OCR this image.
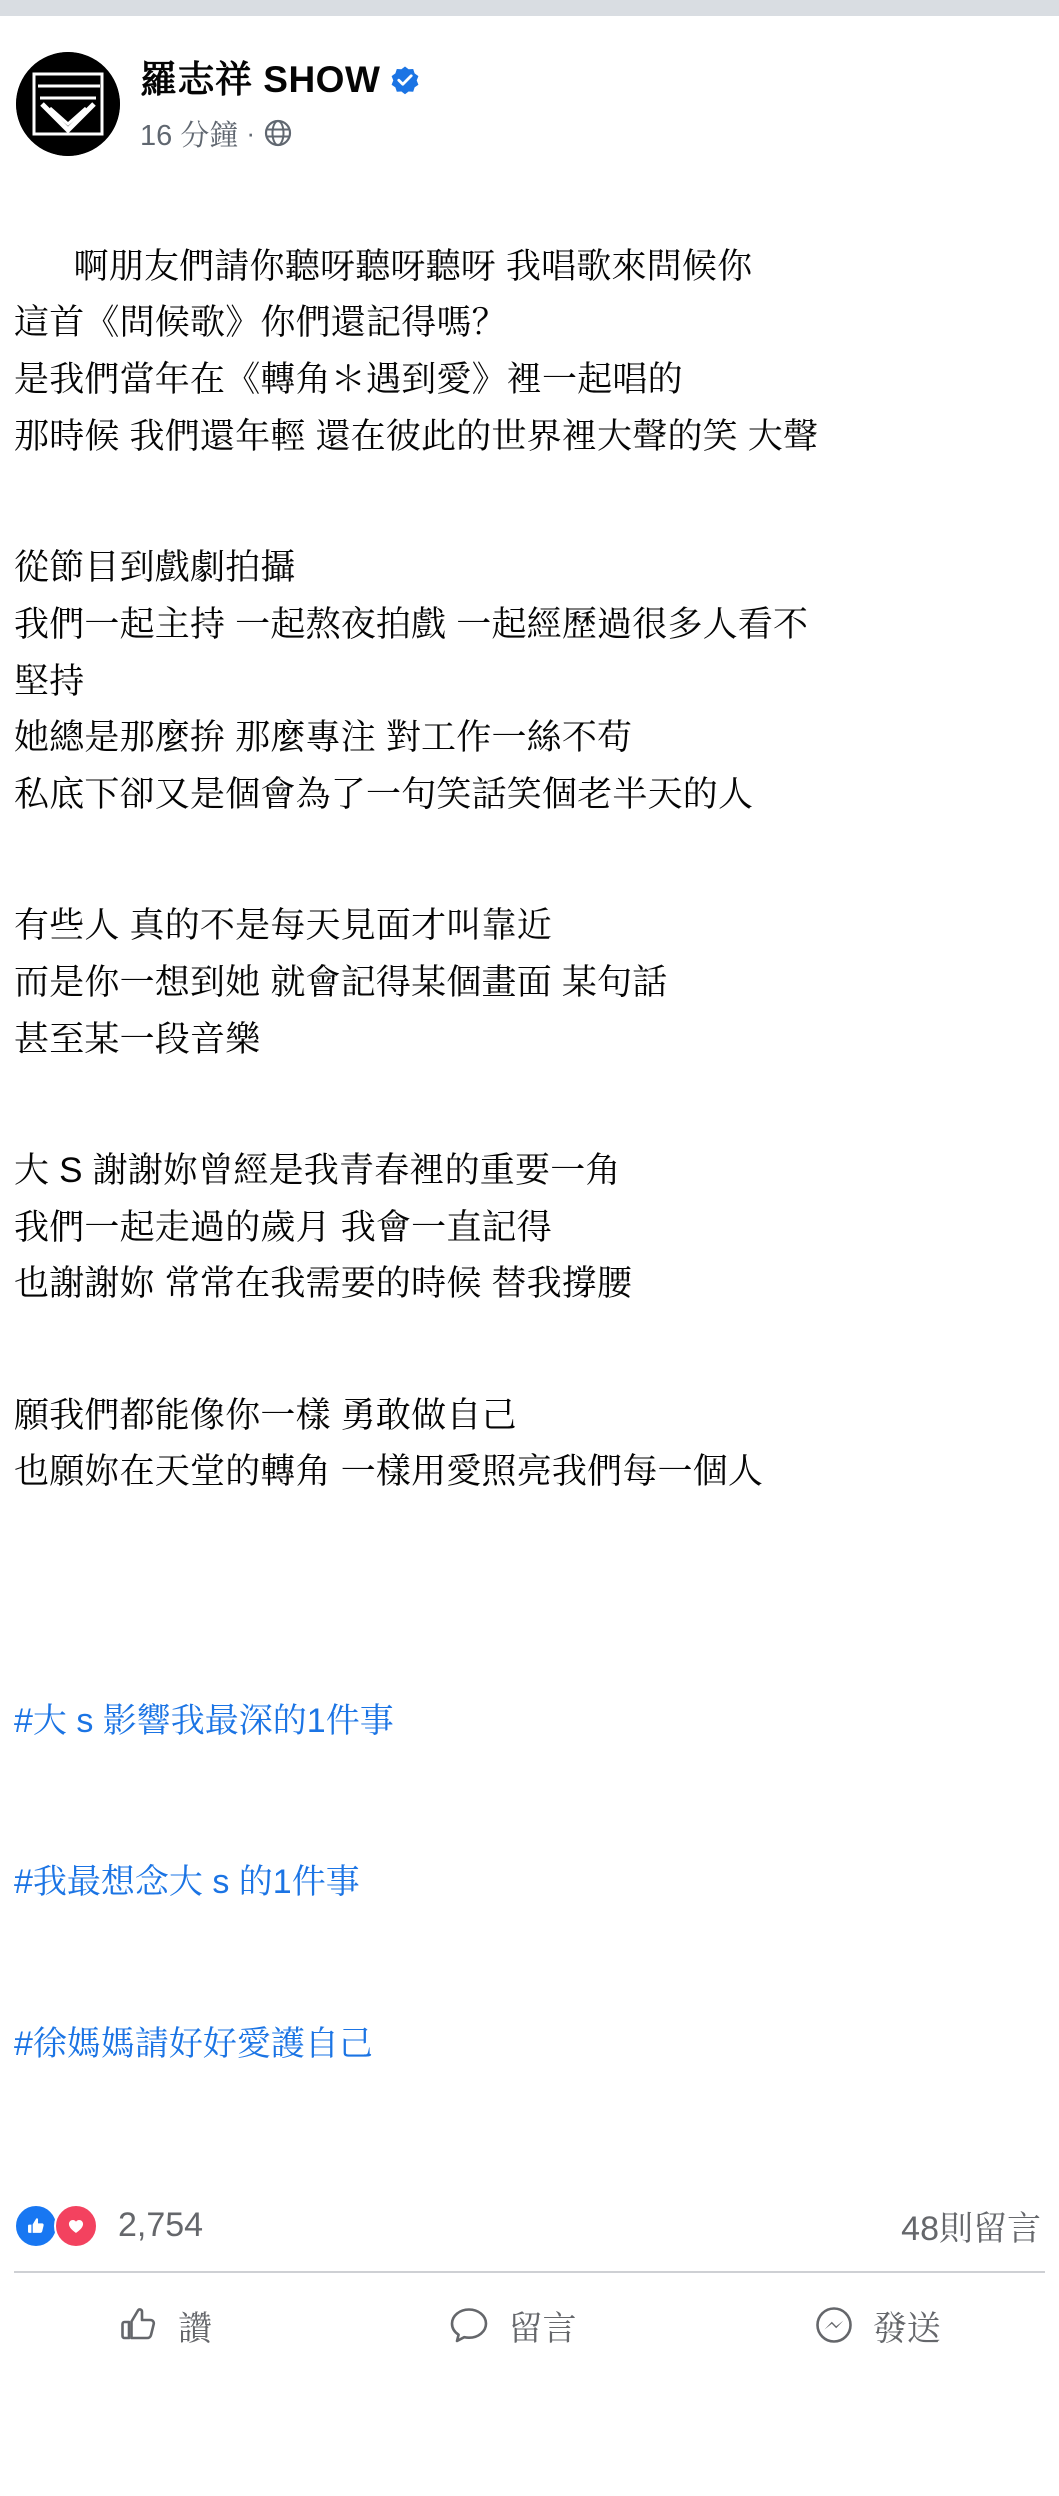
羅志祥 SHOW
16 分鐘 ·

啊朋友們請你聽呀聽呀聽呀 我唱歌來問候你
這首《問候歌》你們還記得嗎？
是我們當年在《轉角＊遇到愛》裡一起唱的
那時候 我們還年輕 還在彼此的世界裡大聲的笑 大聲

從節目到戲劇拍攝
我們一起主持 一起熬夜拍戲 一起經歷過很多人看不
堅持
她總是那麼拚 那麼專注 對工作一絲不苟
私底下卻又是個會為了一句笑話笑個老半天的人

有些人 真的不是每天見面才叫靠近
而是你一想到她 就會記得某個畫面 某句話
甚至某一段音樂

大 S 謝謝妳曾經是我青春裡的重要一角
我們一起走過的歲月 我會一直記得
也謝謝妳 常常在我需要的時候 替我撐腰

願我們都能像你一樣 勇敢做自己
也願妳在天堂的轉角 一樣用愛照亮我們每一個人

#大 s 影響我最深的1件事

#我最想念大 s 的1件事

#徐媽媽請好好愛護自己

2,754	48則留言
讚	留言	發送
